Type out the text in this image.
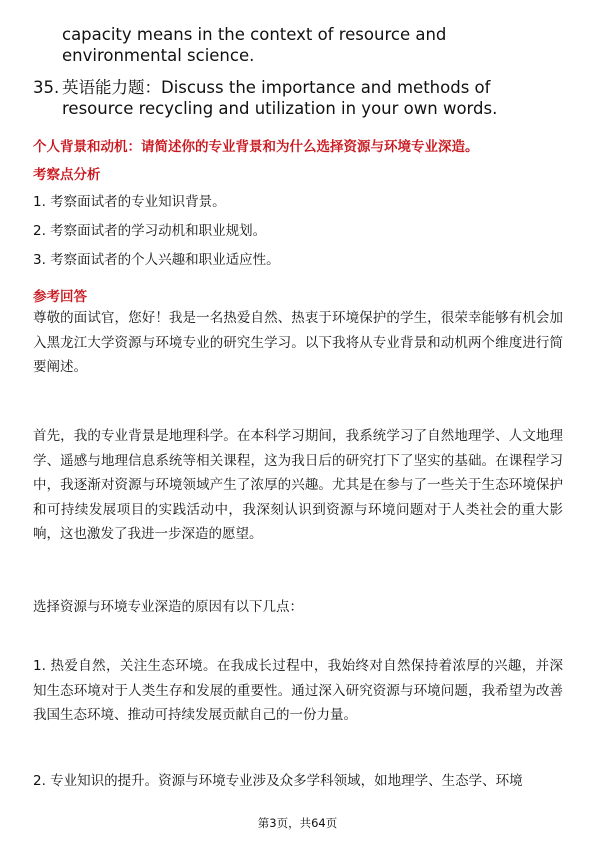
capacity means in the context of resource and environmental science.

35. 英语能力题：Discuss the importance and methods of resource recycling and utilization in your own words.

个人背景和动机：请简述你的专业背景和为什么选择资源与环境专业深造。

考察点分析

1. 考察面试者的专业知识背景。

2. 考察面试者的学习动机和职业规划。

3. 考察面试者的个人兴趣和职业适应性。

参考回答

尊敬的面试官，您好！我是一名热爱自然、热衷于环境保护的学生，很荣幸能够有机会加入黑龙江大学资源与环境专业的研究生学习。以下我将从专业背景和动机两个维度进行简要阐述。

首先，我的专业背景是地理科学。在本科学习期间，我系统学习了自然地理学、人文地理学、遥感与地理信息系统等相关课程，这为我日后的研究打下了坚实的基础。在课程学习中，我逐渐对资源与环境领域产生了浓厚的兴趣。尤其是在参与了一些关于生态环境保护和可持续发展项目的实践活动中，我深刻认识到资源与环境问题对于人类社会的重大影响，这也激发了我进一步深造的愿望。

选择资源与环境专业深造的原因有以下几点：

1. 热爱自然，关注生态环境。在我成长过程中，我始终对自然保持着浓厚的兴趣，并深知生态环境对于人类生存和发展的重要性。通过深入研究资源与环境问题，我希望为改善我国生态环境、推动可持续发展贡献自己的一份力量。

2. 专业知识的提升。资源与环境专业涉及众多学科领域，如地理学、生态学、环境

第3页，共64页
